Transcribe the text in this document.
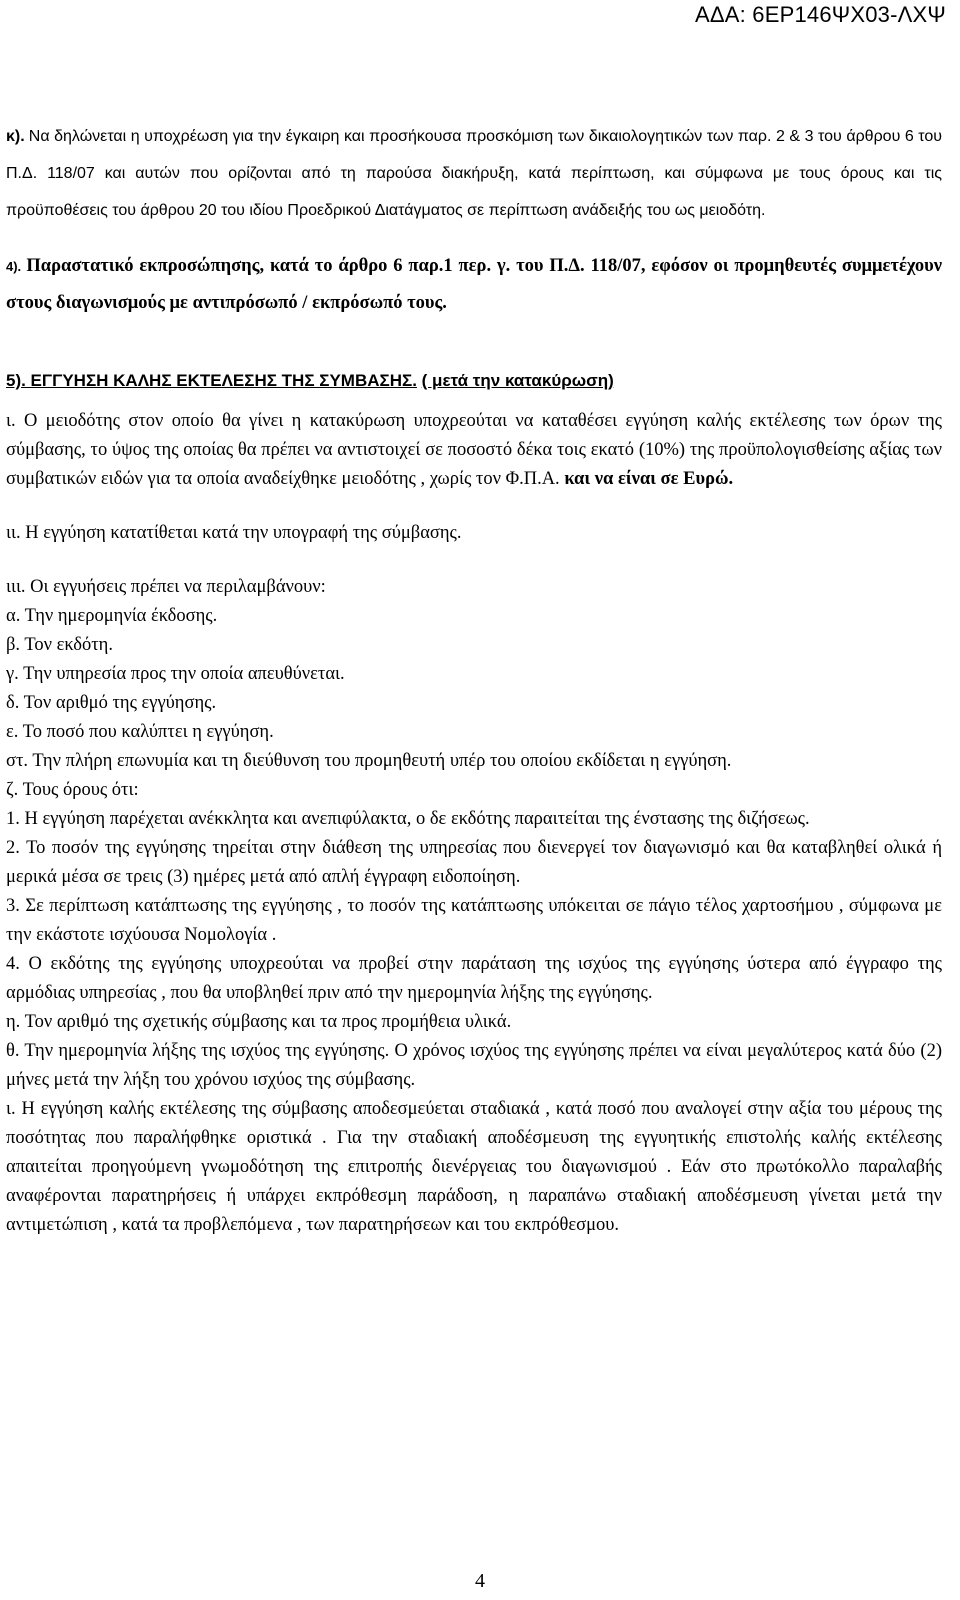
ΑΔΑ: 6ΕΡ146ΨΧ03-ΛΧΨ
κ). Να δηλώνεται η υποχρέωση για την έγκαιρη και προσήκουσα προσκόμιση των δικαιολογητικών των παρ. 2 & 3 του άρθρου 6 του Π.Δ. 118/07 και αυτών που ορίζονται από τη παρούσα διακήρυξη, κατά περίπτωση, και σύμφωνα με τους όρους και τις προϋποθέσεις του άρθρου 20 του ιδίου Προεδρικού Διατάγματος σε περίπτωση ανάδειξής του ως μειοδότη.
4). Παραστατικό εκπροσώπησης, κατά το άρθρο 6 παρ.1 περ. γ. του Π.Δ. 118/07, εφόσον οι προμηθευτές συμμετέχουν στους διαγωνισμούς με αντιπρόσωπό / εκπρόσωπό τους.
5). ΕΓΓΥΗΣΗ ΚΑΛΗΣ ΕΚΤΕΛΕΣΗΣ ΤΗΣ ΣΥΜΒΑΣΗΣ. ( μετά την κατακύρωση)
ι. Ο μειοδότης στον οποίο θα γίνει η κατακύρωση υποχρεούται να καταθέσει εγγύηση καλής εκτέλεσης των όρων της σύμβασης, το ύψος της οποίας θα πρέπει να αντιστοιχεί σε ποσοστό δέκα τοις εκατό (10%) της προϋπολογισθείσης αξίας των συμβατικών ειδών για τα οποία αναδείχθηκε μειοδότης , χωρίς τον Φ.Π.Α. και να είναι σε Ευρώ.
ιι. Η εγγύηση κατατίθεται κατά την υπογραφή της σύμβασης.
ιιι. Οι εγγυήσεις πρέπει να περιλαμβάνουν:
α. Την ημερομηνία έκδοσης.
β. Τον εκδότη.
γ. Την υπηρεσία προς την οποία απευθύνεται.
δ. Τον αριθμό της εγγύησης.
ε. Το ποσό που καλύπτει η εγγύηση.
στ. Την πλήρη επωνυμία και τη διεύθυνση του προμηθευτή υπέρ του οποίου εκδίδεται η εγγύηση.
ζ. Τους όρους ότι:
1. Η εγγύηση παρέχεται ανέκκλητα και ανεπιφύλακτα, ο δε εκδότης παραιτείται της ένστασης της διζήσεως.
2. Το ποσόν της εγγύησης τηρείται στην διάθεση της υπηρεσίας που διενεργεί τον διαγωνισμό και θα καταβληθεί ολικά ή μερικά μέσα σε τρεις (3) ημέρες μετά από απλή έγγραφη ειδοποίηση.
3. Σε περίπτωση κατάπτωσης της εγγύησης , το ποσόν της κατάπτωσης υπόκειται σε πάγιο τέλος χαρτοσήμου , σύμφωνα με την εκάστοτε ισχύουσα Νομολογία .
4. Ο εκδότης της εγγύησης υποχρεούται να προβεί στην παράταση της ισχύος της εγγύησης ύστερα από έγγραφο της αρμόδιας υπηρεσίας , που θα υποβληθεί πριν από την ημερομηνία λήξης της εγγύησης.
η. Τον αριθμό της σχετικής σύμβασης και τα προς προμήθεια υλικά.
θ. Την ημερομηνία λήξης της ισχύος της εγγύησης. Ο χρόνος ισχύος της εγγύησης πρέπει να είναι μεγαλύτερος κατά δύο (2) μήνες μετά την λήξη του χρόνου ισχύος της σύμβασης.
ι. Η εγγύηση καλής εκτέλεσης της σύμβασης αποδεσμεύεται σταδιακά , κατά ποσό που αναλογεί στην αξία του μέρους της ποσότητας που παραλήφθηκε οριστικά . Για την σταδιακή αποδέσμευση της εγγυητικής επιστολής καλής εκτέλεσης απαιτείται προηγούμενη γνωμοδότηση της επιτροπής διενέργειας του διαγωνισμού . Εάν στο πρωτόκολλο παραλαβής αναφέρονται παρατηρήσεις ή υπάρχει εκπρόθεσμη παράδοση, η παραπάνω σταδιακή αποδέσμευση γίνεται μετά την αντιμετώπιση , κατά τα προβλεπόμενα , των παρατηρήσεων και του εκπρόθεσμου.
4
